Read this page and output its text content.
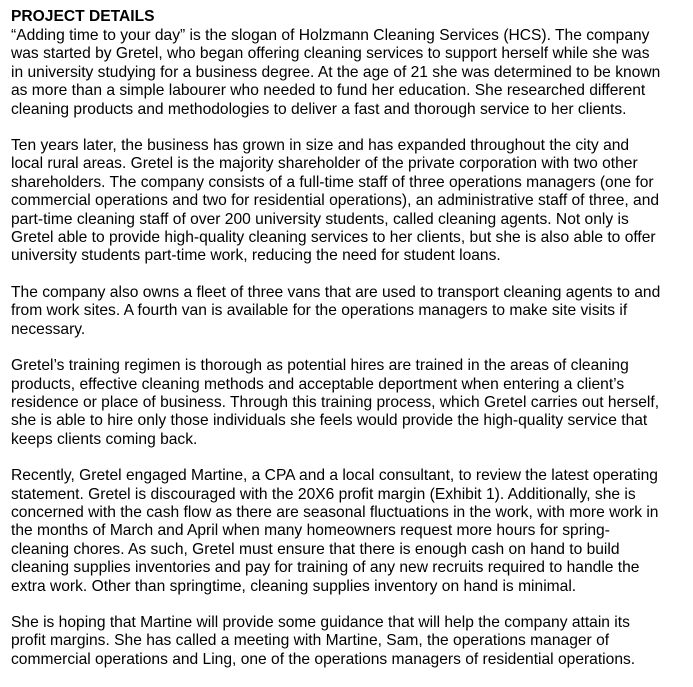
PROJECT DETAILS
“Adding time to your day” is the slogan of Holzmann Cleaning Services (HCS). The company
was started by Gretel, who began offering cleaning services to support herself while she was
in university studying for a business degree. At the age of 21 she was determined to be known
as more than a simple labourer who needed to fund her education. She researched different
cleaning products and methodologies to deliver a fast and thorough service to her clients.
Ten years later, the business has grown in size and has expanded throughout the city and
local rural areas. Gretel is the majority shareholder of the private corporation with two other
shareholders. The company consists of a full-time staff of three operations managers (one for
commercial operations and two for residential operations), an administrative staff of three, and
part-time cleaning staff of over 200 university students, called cleaning agents. Not only is
Gretel able to provide high-quality cleaning services to her clients, but she is also able to offer
university students part-time work, reducing the need for student loans.
The company also owns a fleet of three vans that are used to transport cleaning agents to and
from work sites. A fourth van is available for the operations managers to make site visits if
necessary.
Gretel’s training regimen is thorough as potential hires are trained in the areas of cleaning
products, effective cleaning methods and acceptable deportment when entering a client’s
residence or place of business. Through this training process, which Gretel carries out herself,
she is able to hire only those individuals she feels would provide the high-quality service that
keeps clients coming back.
Recently, Gretel engaged Martine, a CPA and a local consultant, to review the latest operating
statement. Gretel is discouraged with the 20X6 profit margin (Exhibit 1). Additionally, she is
concerned with the cash flow as there are seasonal fluctuations in the work, with more work in
the months of March and April when many homeowners request more hours for spring-
cleaning chores. As such, Gretel must ensure that there is enough cash on hand to build
cleaning supplies inventories and pay for training of any new recruits required to handle the
extra work. Other than springtime, cleaning supplies inventory on hand is minimal.
She is hoping that Martine will provide some guidance that will help the company attain its
profit margins. She has called a meeting with Martine, Sam, the operations manager of
commercial operations and Ling, one of the operations managers of residential operations.
